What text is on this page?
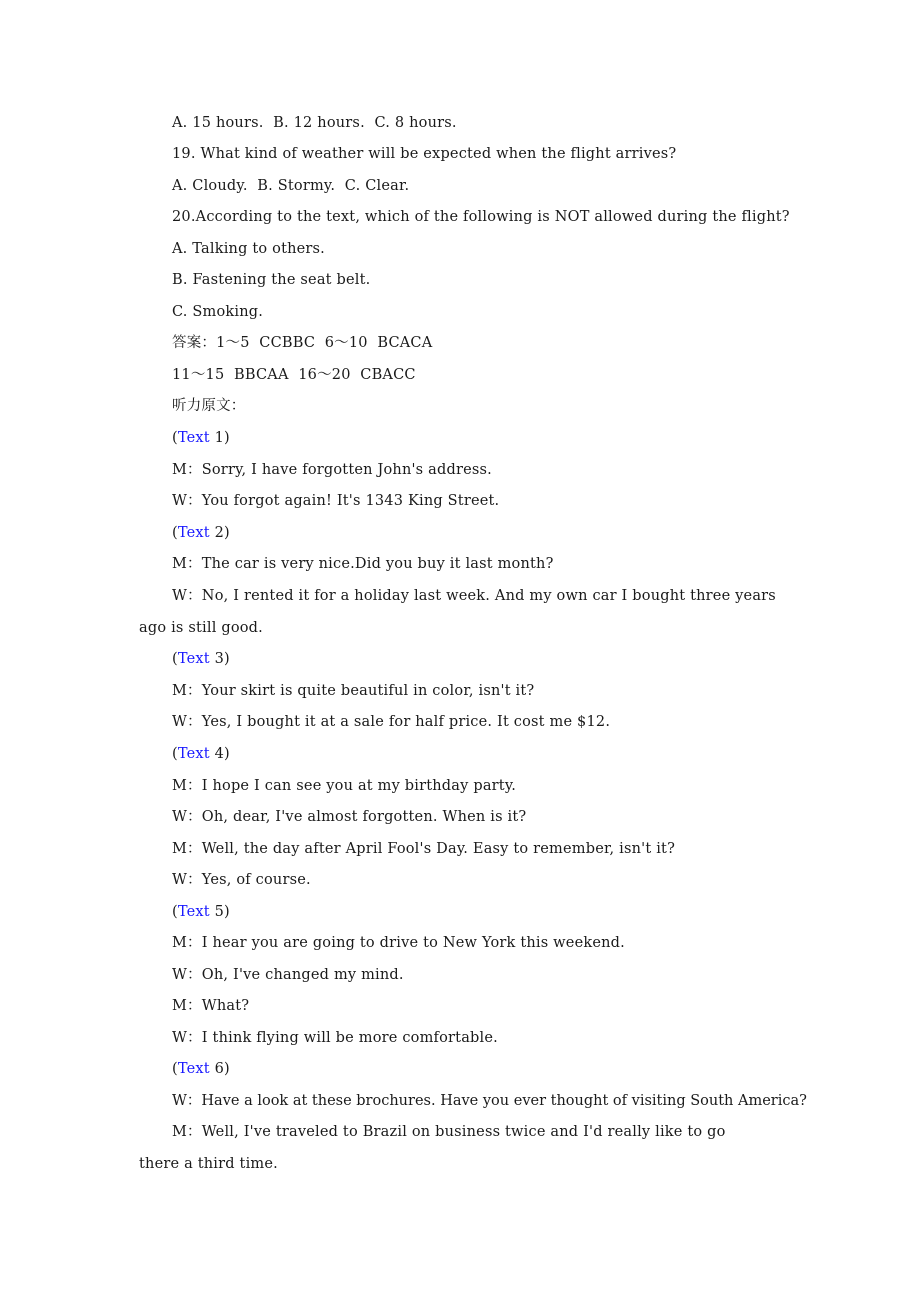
A. 15 hours.  B. 12 hours.  C. 8 hours.
19. What kind of weather will be expected when the flight arrives?
A. Cloudy.  B. Stormy.  C. Clear.
20.According to the text, which of the following is NOT allowed during the flight?
A. Talking to others.
B. Fastening the seat belt.
C. Smoking.
答案：1～5  CCBBC  6～10  BCACA
11～15  BBCAA  16～20  CBACC
听力原文：
(Text 1)
M：Sorry, I have forgotten John's address.
W：You forgot again! It's 1343 King Street.
(Text 2)
M：The car is very nice.Did you buy it last month?
W：No, I rented it for a holiday last week. And my own car I bought three years
ago is still good.
(Text 3)
M：Your skirt is quite beautiful in color, isn't it?
W：Yes, I bought it at a sale for half price. It cost me $12.
(Text 4)
M：I hope I can see you at my birthday party.
W：Oh, dear, I've almost forgotten. When is it?
M：Well, the day after April Fool's Day. Easy to remember, isn't it?
W：Yes, of course.
(Text 5)
M：I hear you are going to drive to New York this weekend.
W：Oh, I've changed my mind.
M：What?
W：I think flying will be more comfortable.
(Text 6)
W：Have a look at these brochures. Have you ever thought of visiting South America?
M：Well, I've traveled to Brazil on business twice and I'd really like to go
there a third time.
